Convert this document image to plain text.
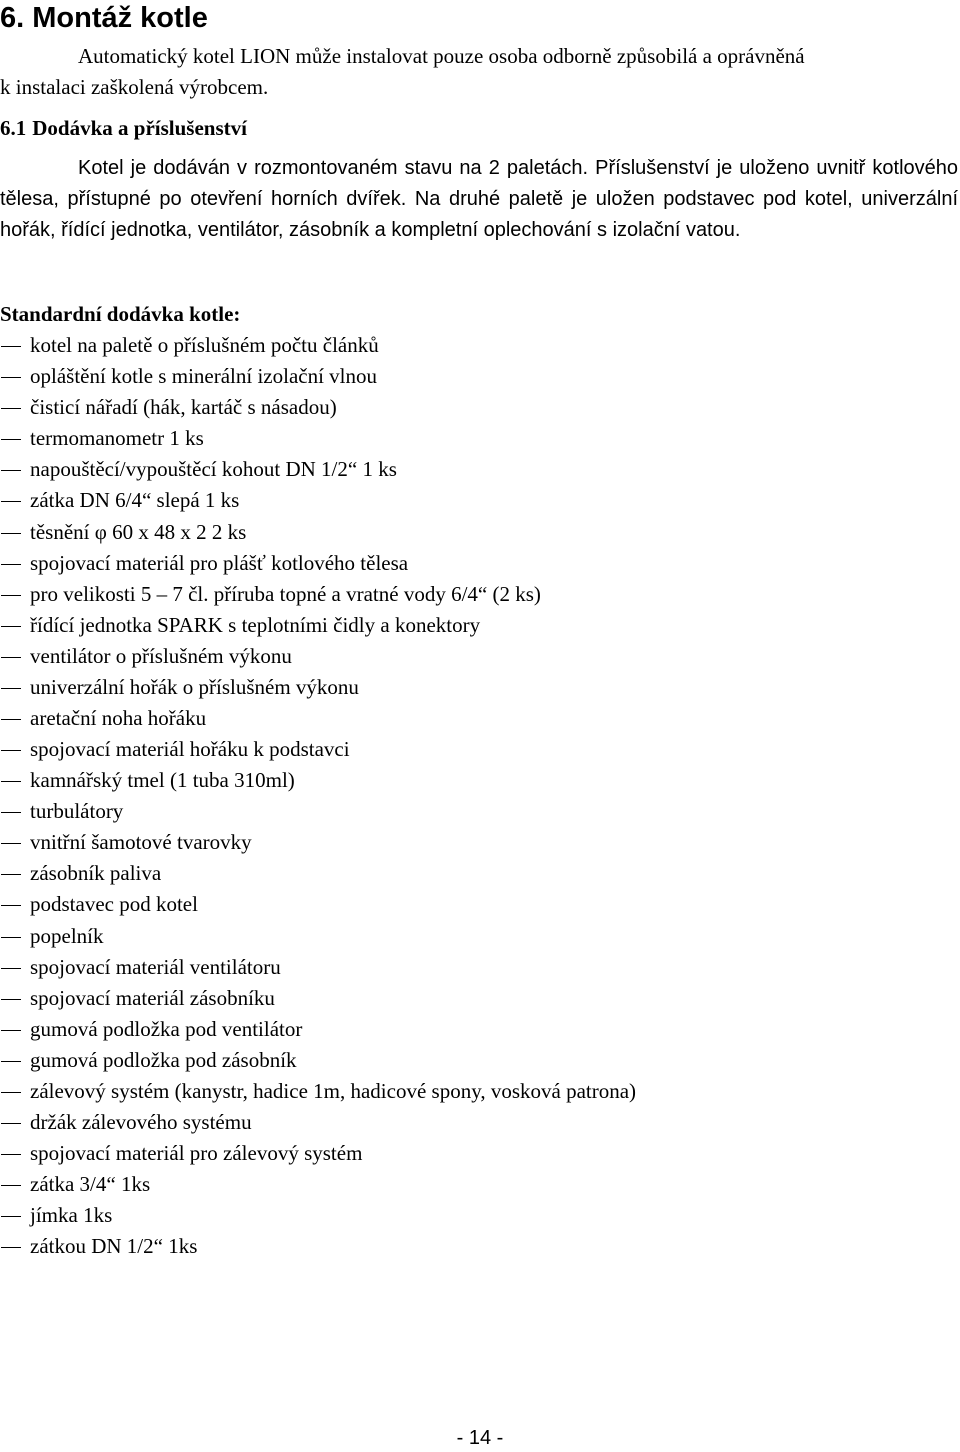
6. Montáž kotle

Automatický kotel LION může instalovat pouze osoba odborně způsobilá a oprávněná
k instalaci zaškolená výrobcem.

6.1 Dodávka a příslušenství

Kotel je dodáván v rozmontovaném stavu na 2 paletách. Příslušenství je uloženo uvnitř kotlového tělesa, přístupné po otevření horních dvířek. Na druhé paletě je uložen podstavec pod kotel, univerzální hořák, řídící jednotka, ventilátor, zásobník a kompletní oplechování s izolační vatou.

Standardní dodávka kotle:
kotel na paletě o příslušném počtu článků
opláštění kotle s minerální izolační vlnou
čisticí nářadí (hák, kartáč s násadou)
termomanometr 1 ks
napouštěcí/vypouštěcí kohout DN 1/2“ 1 ks
zátka DN 6/4“ slepá 1 ks
těsnění φ 60 x 48 x 2 2 ks
spojovací materiál pro plášť kotlového tělesa
pro velikosti 5 – 7 čl. příruba topné a vratné vody 6/4“ (2 ks)
řídící jednotka SPARK s teplotními čidly a konektory
ventilátor o příslušném výkonu
univerzální hořák o příslušném výkonu
aretační noha hořáku
spojovací materiál hořáku k podstavci
kamnářský tmel (1 tuba 310ml)
turbulátory
vnitřní šamotové tvarovky
zásobník paliva
podstavec pod kotel
popelník
spojovací materiál ventilátoru
spojovací materiál zásobníku
gumová podložka pod ventilátor
gumová podložka pod zásobník
zálevový systém (kanystr, hadice 1m, hadicové spony, vosková patrona)
držák zálevového systému
spojovací materiál pro zálevový systém
zátka 3/4“ 1ks
jímka 1ks
zátkou DN 1/2“ 1ks
- 14 -
